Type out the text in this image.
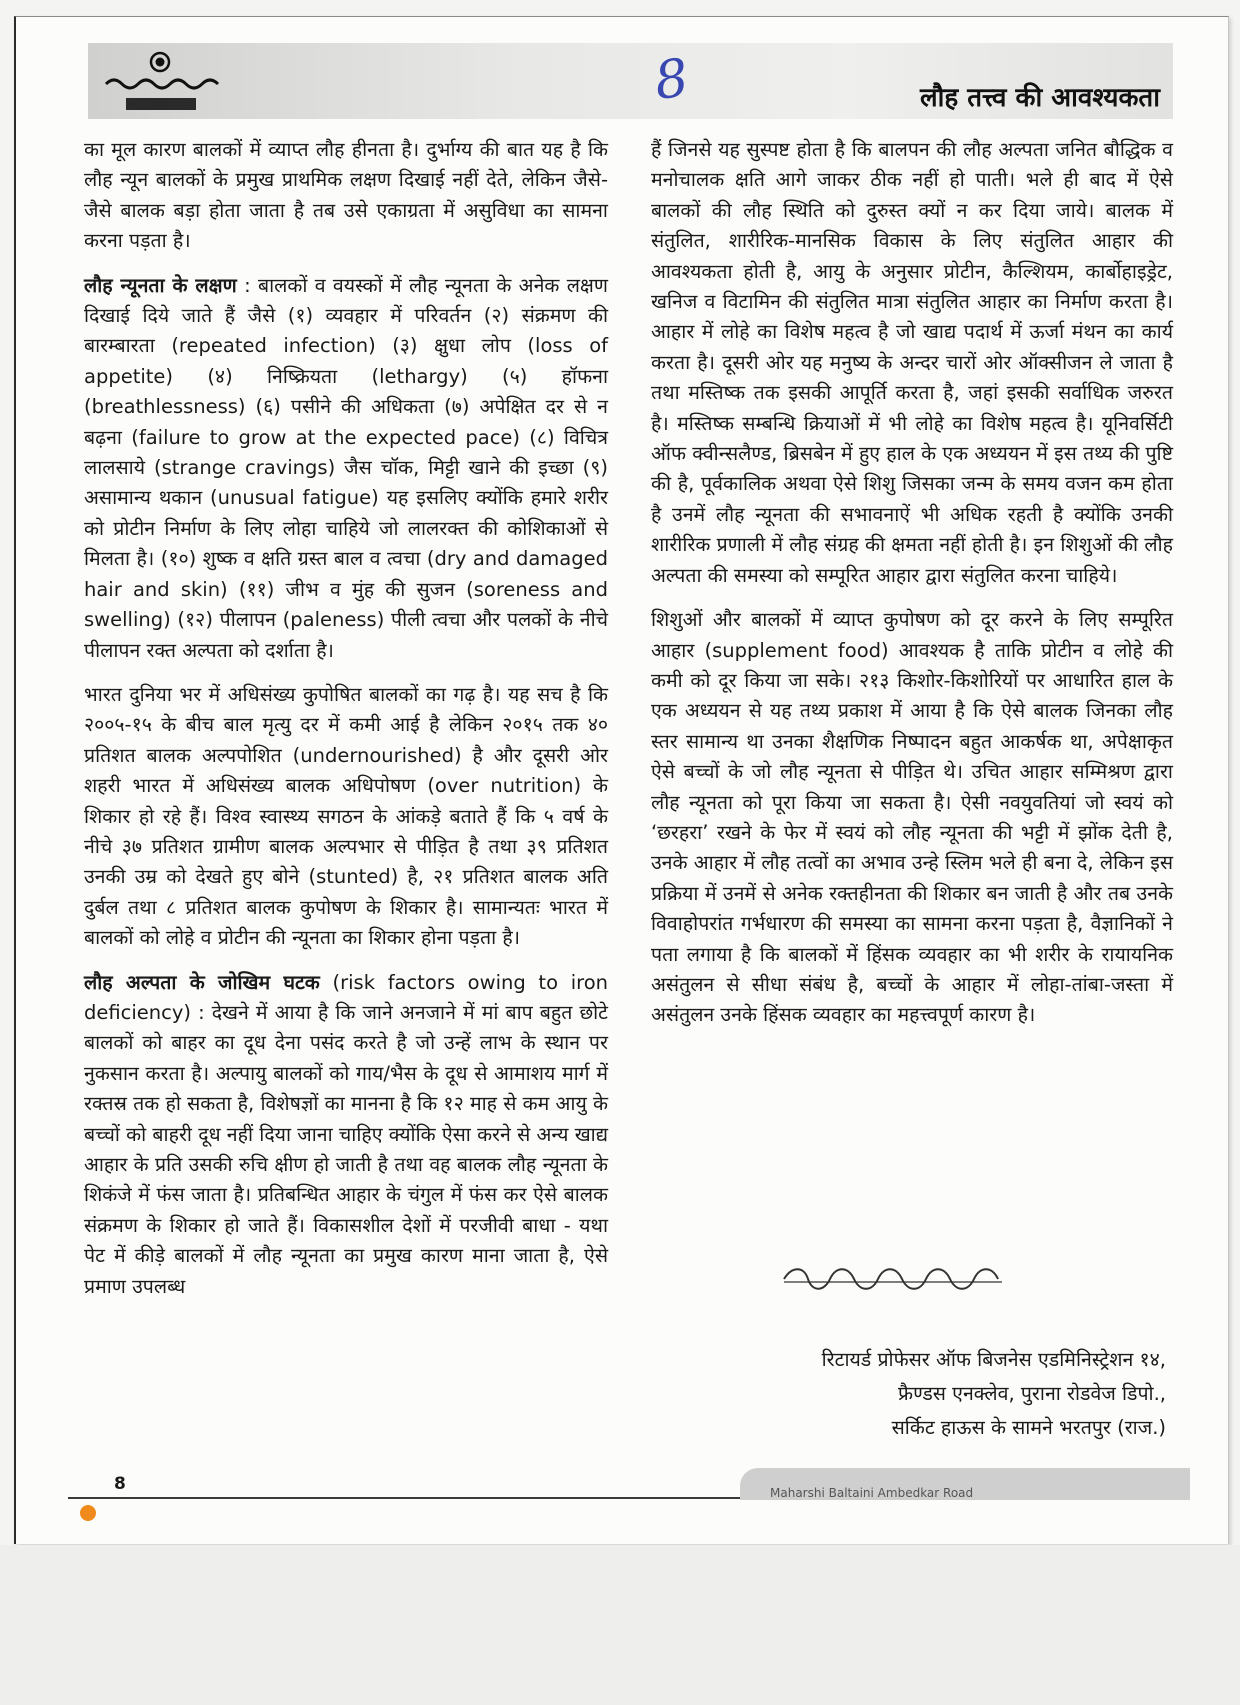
8	लौह तत्त्व की आवश्यकता

का मूल कारण बालकों में व्याप्त लौह हीनता है। दुर्भाग्य की बात यह है कि लौह न्यून बालकों के प्रमुख प्राथमिक लक्षण दिखाई नहीं देते, लेकिन जैसे-जैसे बालक बड़ा होता जाता है तब उसे एकाग्रता में असुविधा का सामना करना पड़ता है।

लौह न्यूनता के लक्षण : बालकों व वयस्कों में लौह न्यूनता के अनेक लक्षण दिखाई दिये जाते हैं जैसे (१) व्यवहार में परिवर्तन (२) संक्रमण की बारम्बारता (repeated infection) (३) क्षुधा लोप (loss of appetite) (४) निष्क्रियता (lethargy) (५) हॉफना (breathlessness) (६) पसीने की अधिकता (७) अपेक्षित दर से न बढ़ना (failure to grow at the expected pace) (८) विचित्र लालसाये (strange cravings) जैस चॉक, मिट्टी खाने की इच्छा (९) असामान्य थकान (unusual fatigue) यह इसलिए क्योंकि हमारे शरीर को प्रोटीन निर्माण के लिए लोहा चाहिये जो लालरक्त की कोशिकाओं से मिलता है। (१०) शुष्क व क्षति ग्रस्त बाल व त्वचा (dry and damaged hair and skin) (११) जीभ व मुंह की सुजन (soreness and swelling) (१२) पीलापन (paleness) पीली त्वचा और पलकों के नीचे पीलापन रक्त अल्पता को दर्शाता है।

भारत दुनिया भर में अधिसंख्य कुपोषित बालकों का गढ़ है। यह सच है कि २००५-१५ के बीच बाल मृत्यु दर में कमी आई है लेकिन २०१५ तक ४० प्रतिशत बालक अल्पपोशित (undernourished) है और दूसरी ओर शहरी भारत में अधिसंख्य बालक अधिपोषण (over nutrition) के शिकार हो रहे हैं। विश्व स्वास्थ्य सगठन के आंकड़े बताते हैं कि ५ वर्ष के नीचे ३७ प्रतिशत ग्रामीण बालक अल्पभार से पीड़ित है तथा ३९ प्रतिशत उनकी उम्र को देखते हुए बोने (stunted) है, २१ प्रतिशत बालक अति दुर्बल तथा ८ प्रतिशत बालक कुपोषण के शिकार है। सामान्यतः भारत में बालकों को लोहे व प्रोटीन की न्यूनता का शिकार होना पड़ता है।

लौह अल्पता के जोखिम घटक (risk factors owing to iron deficiency) : देखने में आया है कि जाने अनजाने में मां बाप बहुत छोटे बालकों को बाहर का दूध देना पसंद करते है जो उन्हें लाभ के स्थान पर नुकसान करता है। अल्पायु बालकों को गाय/भैस के दूध से आमाशय मार्ग में रक्तस्र तक हो सकता है, विशेषज्ञों का मानना है कि १२ माह से कम आयु के बच्चों को बाहरी दूध नहीं दिया जाना चाहिए क्योंकि ऐसा करने से अन्य खाद्य आहार के प्रति उसकी रुचि क्षीण हो जाती है तथा वह बालक लौह न्यूनता के शिकंजे में फंस जाता है। प्रतिबन्धित आहार के चंगुल में फंस कर ऐसे बालक संक्रमण के शिकार हो जाते हैं। विकासशील देशों में परजीवी बाधा - यथा पेट में कीड़े बालकों में लौह न्यूनता का प्रमुख कारण माना जाता है, ऐसे प्रमाण उपलब्ध

हैं जिनसे यह सुस्पष्ट होता है कि बालपन की लौह अल्पता जनित बौद्धिक व मनोचालक क्षति आगे जाकर ठीक नहीं हो पाती। भले ही बाद में ऐसे बालकों की लौह स्थिति को दुरुस्त क्यों न कर दिया जाये। बालक में संतुलित, शारीरिक-मानसिक विकास के लिए संतुलित आहार की आवश्यकता होती है, आयु के अनुसार प्रोटीन, कैल्शियम, कार्बोहाइड्रेट, खनिज व विटामिन की संतुलित मात्रा संतुलित आहार का निर्माण करता है। आहार में लोहे का विशेष महत्व है जो खाद्य पदार्थ में ऊर्जा मंथन का कार्य करता है। दूसरी ओर यह मनुष्य के अन्दर चारों ओर ऑक्सीजन ले जाता है तथा मस्तिष्क तक इसकी आपूर्ति करता है, जहां इसकी सर्वाधिक जरुरत है। मस्तिष्क सम्बन्धि क्रियाओं में भी लोहे का विशेष महत्व है। यूनिवर्सिटी ऑफ क्वीन्सलैण्ड, ब्रिसबेन में हुए हाल के एक अध्ययन में इस तथ्य की पुष्टि की है, पूर्वकालिक अथवा ऐसे शिशु जिसका जन्म के समय वजन कम होता है उनमें लौह न्यूनता की सभावनाऐं भी अधिक रहती है क्योंकि उनकी शारीरिक प्रणाली में लौह संग्रह की क्षमता नहीं होती है। इन शिशुओं की लौह अल्पता की समस्या को सम्पूरित आहार द्वारा संतुलित करना चाहिये।

शिशुओं और बालकों में व्याप्त कुपोषण को दूर करने के लिए सम्पूरित आहार (supplement food) आवश्यक है ताकि प्रोटीन व लोहे की कमी को दूर किया जा सके। २१३ किशोर-किशोरियों पर आधारित हाल के एक अध्ययन से यह तथ्य प्रकाश में आया है कि ऐसे बालक जिनका लौह स्तर सामान्य था उनका शैक्षणिक निष्पादन बहुत आकर्षक था, अपेक्षाकृत ऐसे बच्चों के जो लौह न्यूनता से पीड़ित थे। उचित आहार सम्मिश्रण द्वारा लौह न्यूनता को पूरा किया जा सकता है। ऐसी नवयुवतियां जो स्वयं को ‘छरहरा’ रखने के फेर में स्वयं को लौह न्यूनता की भट्टी में झोंक देती है, उनके आहार में लौह तत्वों का अभाव उन्हे स्लिम भले ही बना दे, लेकिन इस प्रक्रिया में उनमें से अनेक रक्तहीनता की शिकार बन जाती है और तब उनके विवाहोपरांत गर्भधारण की समस्या का सामना करना पड़ता है, वैज्ञानिकों ने पता लगाया है कि बालकों में हिंसक व्यवहार का भी शरीर के रायायनिक असंतुलन से सीधा संबंध है, बच्चों के आहार में लोहा-तांबा-जस्ता में असंतुलन उनके हिंसक व्यवहार का महत्त्वपूर्ण कारण है।

रिटायर्ड प्रोफेसर ऑफ बिजनेस एडमिनिस्ट्रेशन १४,
फ्रैण्डस एनक्लेव, पुराना रोडवेज डिपो.,
सर्किट हाऊस के सामने भरतपुर (राज.)
8	Maharshi Baltaini Ambedkar Road
